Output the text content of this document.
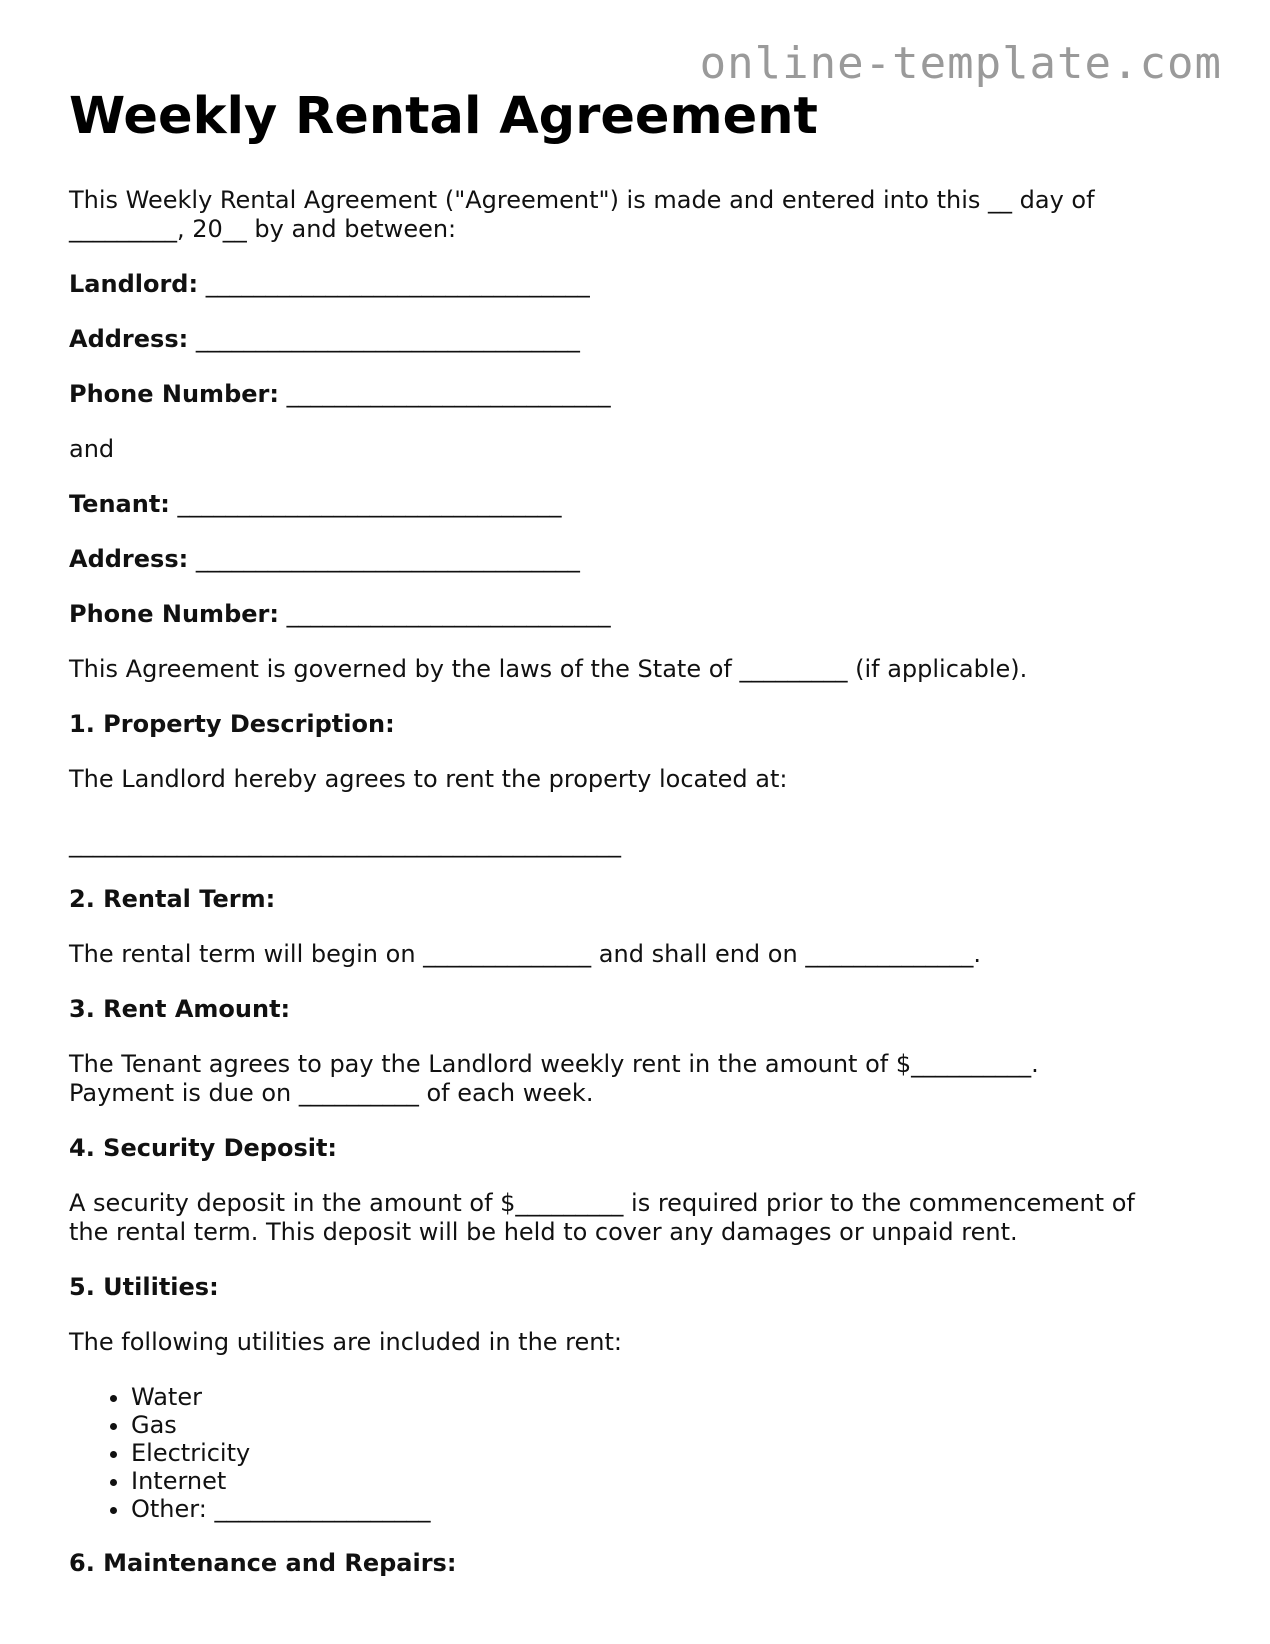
online-template.com
Weekly Rental Agreement

This Weekly Rental Agreement ("Agreement") is made and entered into this __ day of
_________, 20__ by and between:

Landlord: ________________________________
Address: ________________________________
Phone Number: ___________________________

and

Tenant: ________________________________
Address: ________________________________
Phone Number: ___________________________

This Agreement is governed by the laws of the State of _________ (if applicable).

1. Property Description:

The Landlord hereby agrees to rent the property located at:

______________________________________________
2. Rental Term:

The rental term will begin on ______________ and shall end on ______________.

3. Rent Amount:

The Tenant agrees to pay the Landlord weekly rent in the amount of $__________.
Payment is due on __________ of each week.

4. Security Deposit:

A security deposit in the amount of $_________ is required prior to the commencement of
the rental term. This deposit will be held to cover any damages or unpaid rent.

5. Utilities:

The following utilities are included in the rent:

• Water
• Gas
• Electricity
• Internet
• Other: __________________
6. Maintenance and Repairs:
